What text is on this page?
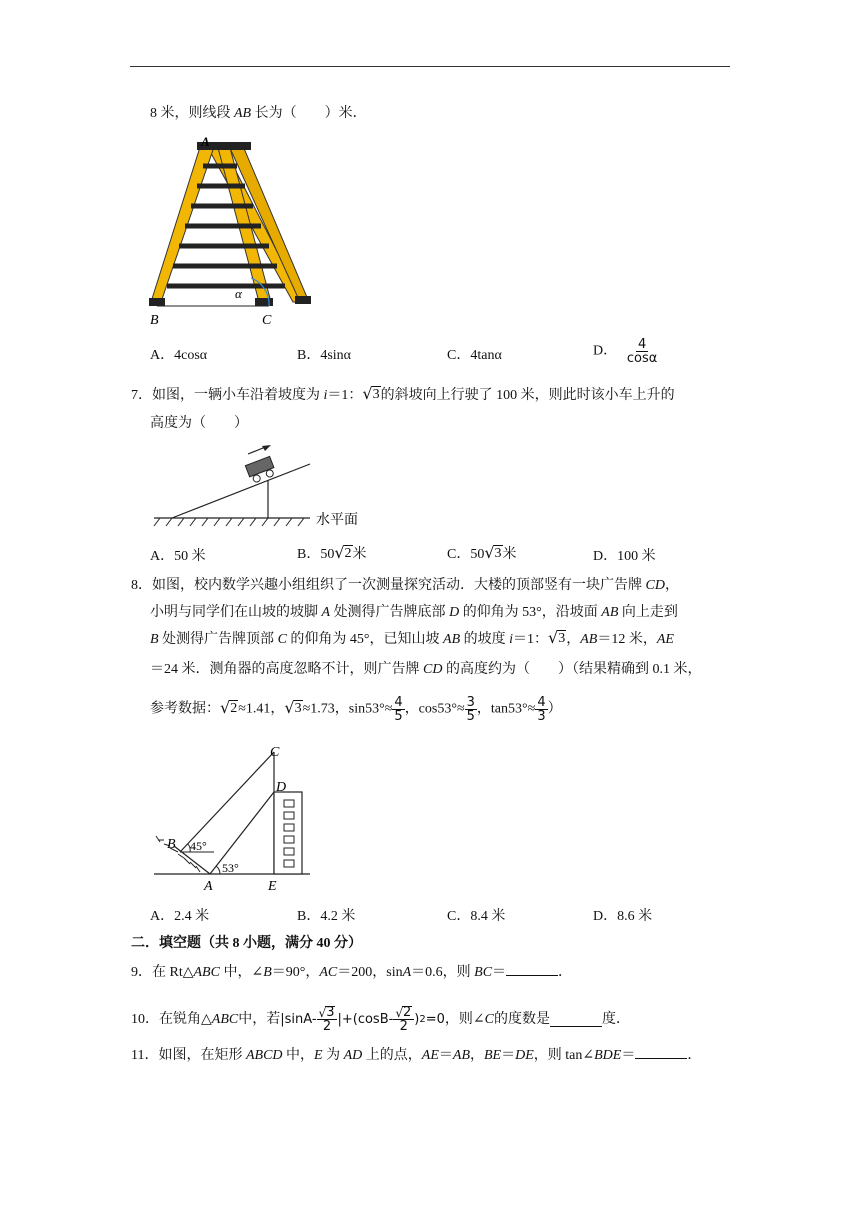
8 米，则线段 AB 长为（　　）米．
A
B	C
α
A．4cosα	B．4sinα	C．4tanα	D． $\frac{4}{\cos\alpha}$
7．如图，一辆小车沿着坡度为 i＝1： √ 3 的斜坡向上行驶了 100 米，则此时该小车上升的
高度为（　　）
水平面
A．50 米	B．50 √ 2 米	C．50 √ 3 米	D．100 米
8．如图，校内数学兴趣小组组织了一次测量探究活动．大楼的顶部竖有一块广告牌 CD，
小明与同学们在山坡的坡脚 A 处测得广告牌底部 D 的仰角为 53°，沿坡面 AB 向上走到
B 处测得广告牌顶部 C 的仰角为 45°，已知山坡 AB 的坡度 i＝1： √ 3 ，AB＝12 米，AE
＝24 米．测角器的高度忽略不计，则广告牌 CD 的高度约为（　　）（结果精确到 0.1 米，
参考数据： √ 2 ≈1.41， √ 3 ≈1.73，$\sin 53^\circ\approx \frac{4}{5}$ ，$\cos 53^\circ\approx \frac{3}{5}$ ，$\tan 53^\circ\approx \frac{4}{3}$ ）
C
D
B
A	E
45°
53°
A．2.4 米	B．4.2 米	C．8.4 米	D．8.6 米
二．填空题（共 8 小题，满分 40 分）
9．在 Rt△ABC 中，∠B＝90°，AC＝200，sinA＝0.6，则 BC＝	．
10．在锐角△ ABC 中，若 $|\sin A- \frac{√ 3}{2} |+(\cos B- \frac{√ 2}{2}$ ) 2 =0 ，则∠ C 的度数是	度．
11．如图，在矩形 ABCD 中，E 为 AD 上的点，AE＝AB，BE＝DE，则 tan∠BDE＝	．
